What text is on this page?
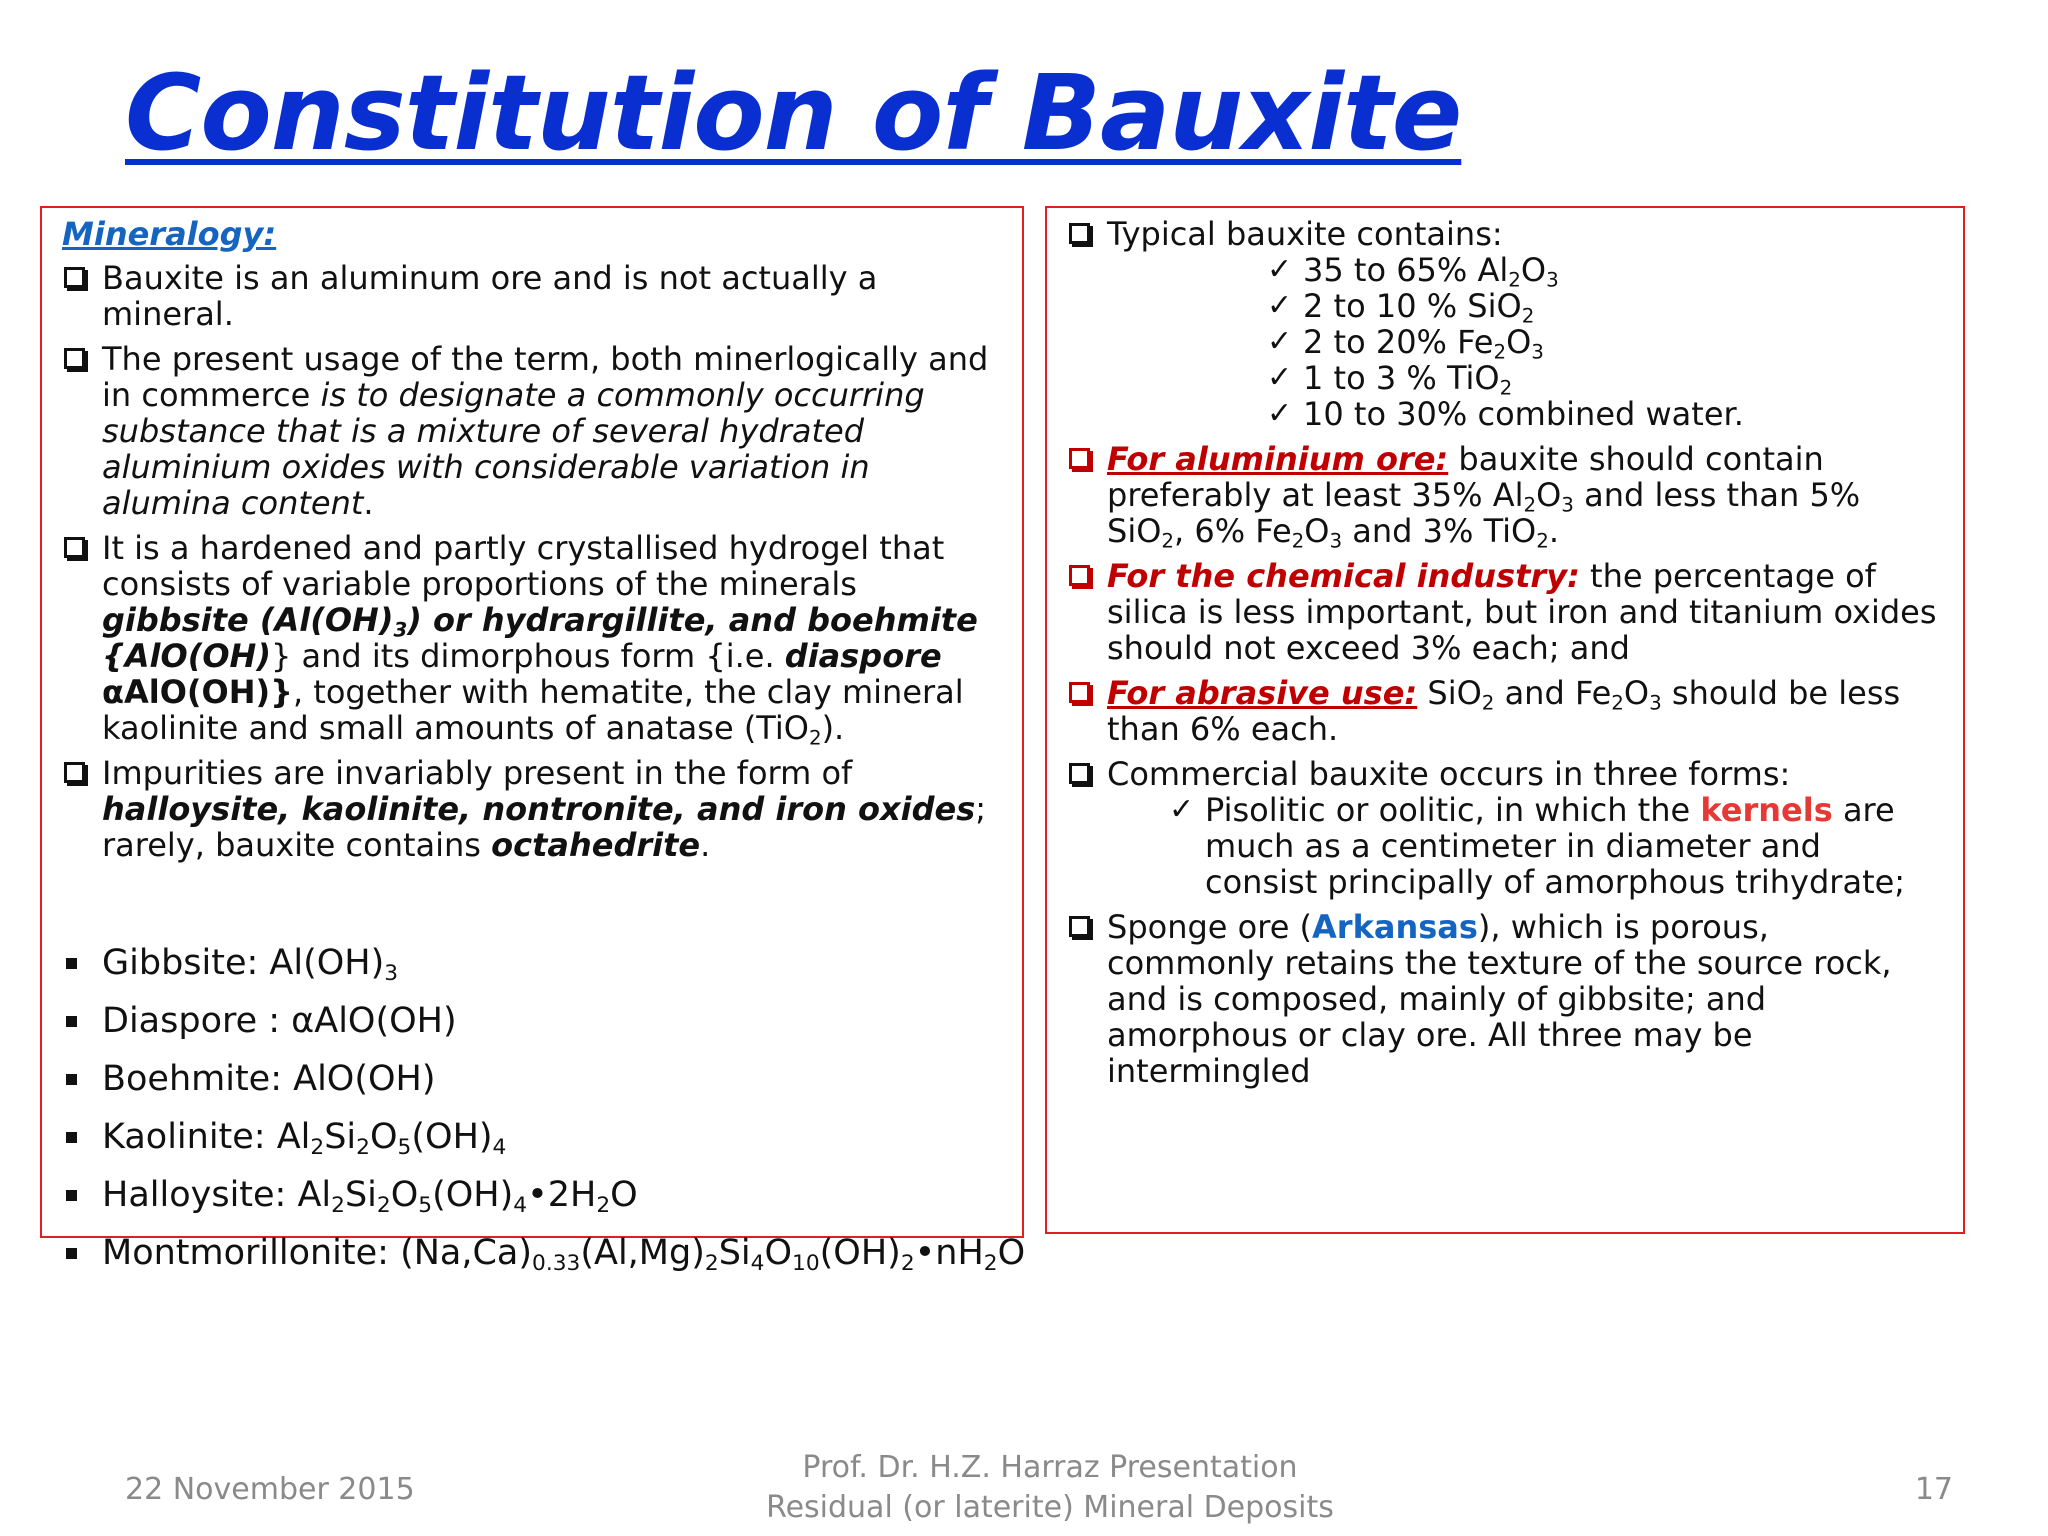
Constitution of Bauxite
Mineralogy:
Bauxite is an aluminum ore and is not actually a mineral.
The present usage of the term, both minerlogically and in commerce is to designate a commonly occurring substance that is a mixture of several hydrated aluminium oxides with considerable variation in alumina content.
It is a hardened and partly crystallised hydrogel that consists of variable proportions of the minerals gibbsite $(Al(OH)_3)$ or hydrargillite, and boehmite {AlO(OH)} and its dimorphous form {i.e. diaspore αAlO(OH)}, together with hematite, the clay mineral kaolinite and small amounts of anatase (TiO$_2$).
Impurities are invariably present in the form of halloysite, kaolinite, nontronite, and iron oxides; rarely, bauxite contains octahedrite.
Gibbsite: $Al(OH)_3$
Diaspore : αAlO(OH)
Boehmite: AlO(OH)
Kaolinite: $Al_2Si_2O_5(OH)_4$
Halloysite: $Al_2Si_2O_5(OH)_4•2H_2O$
Montmorillonite: $(Na,Ca)_{0.33}(Al,Mg)_2Si_4O_{10}(OH)_2•nH_2O$
Typical bauxite contains:
✓ 35 to 65% $Al_2O_3$
✓ 2 to 10 % SiO$_2$
✓ 2 to 20% $Fe_2O_3$
✓ 1 to 3 % TiO$_2$
✓ 10 to 30% combined water.
For aluminium ore: bauxite should contain preferably at least 35% $Al_2O_3$ and less than 5% SiO$_2$, 6% $Fe_2O_3$ and 3% TiO$_2$.
For the chemical industry: the percentage of silica is less important, but iron and titanium oxides should not exceed 3% each; and
For abrasive use: SiO$_2$ and $Fe_2O_3$ should be less than 6% each.
Commercial bauxite occurs in three forms:
✓ Pisolitic or oolitic, in which the kernels are much as a centimeter in diameter and consist principally of amorphous trihydrate;
Sponge ore (Arkansas), which is porous, commonly retains the texture of the source rock, and is composed, mainly of gibbsite; and amorphous or clay ore. All three may be intermingled
22 November 2015
Prof. Dr. H.Z. Harraz Presentation
Residual (or laterite) Mineral Deposits
17
